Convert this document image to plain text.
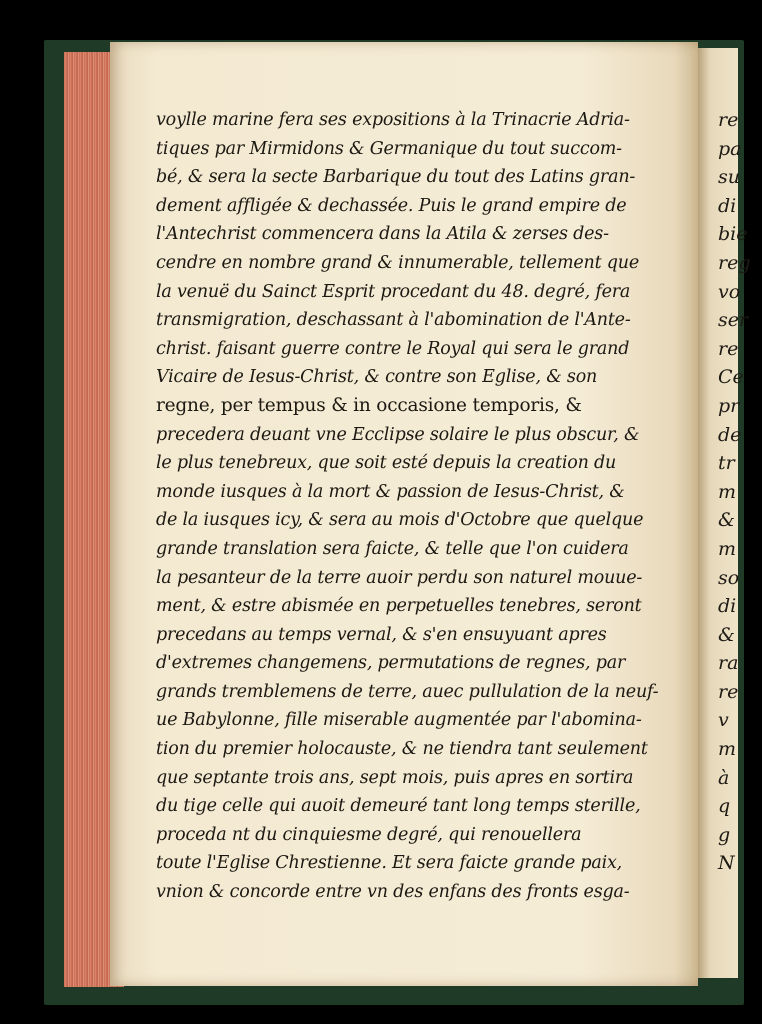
re
pa
su
di
bie
reg
vo
ser
re
Ce
pr
de
tr
m
&
m
so
di
&
ra
re
v
m
à
q
g
N
voylle marine fera ses expositions à la Trinacrie Adria-
tiques par Mirmidons & Germanique du tout succom-
bé, & sera la secte Barbarique du tout des Latins gran-
dement affligée & dechassée. Puis le grand empire de
l'Antechrist commencera dans la Atila & zerses des-
cendre en nombre grand & innumerable, tellement que
la venuë du Sainct Esprit procedant du 48. degré, fera
transmigration, deschassant à l'abomination de l'Ante-
christ. faisant guerre contre le Royal qui sera le grand
Vicaire de Iesus-Christ, & contre son Eglise, & son
regne, per tempus & in occasione temporis, &
precedera deuant vne Ecclipse solaire le plus obscur, &
le plus tenebreux, que soit esté depuis la creation du
monde iusques à la mort & passion de Iesus-Christ, &
de la iusques icy, & sera au mois d'Octobre que quelque
grande translation sera faicte, & telle que l'on cuidera
la pesanteur de la terre auoir perdu son naturel mouue-
ment, & estre abismée en perpetuelles tenebres, seront
precedans au temps vernal, & s'en ensuyuant apres
d'extremes changemens, permutations de regnes, par
grands tremblemens de terre, auec pullulation de la neuf-
ue Babylonne, fille miserable augmentée par l'abomina-
tion du premier holocauste, & ne tiendra tant seulement
que septante trois ans, sept mois, puis apres en sortira
du tige celle qui auoit demeuré tant long temps sterille,
proceda nt du cinquiesme degré, qui renouellera
toute l'Eglise Chrestienne. Et sera faicte grande paix,
vnion & concorde entre vn des enfans des fronts esga-
